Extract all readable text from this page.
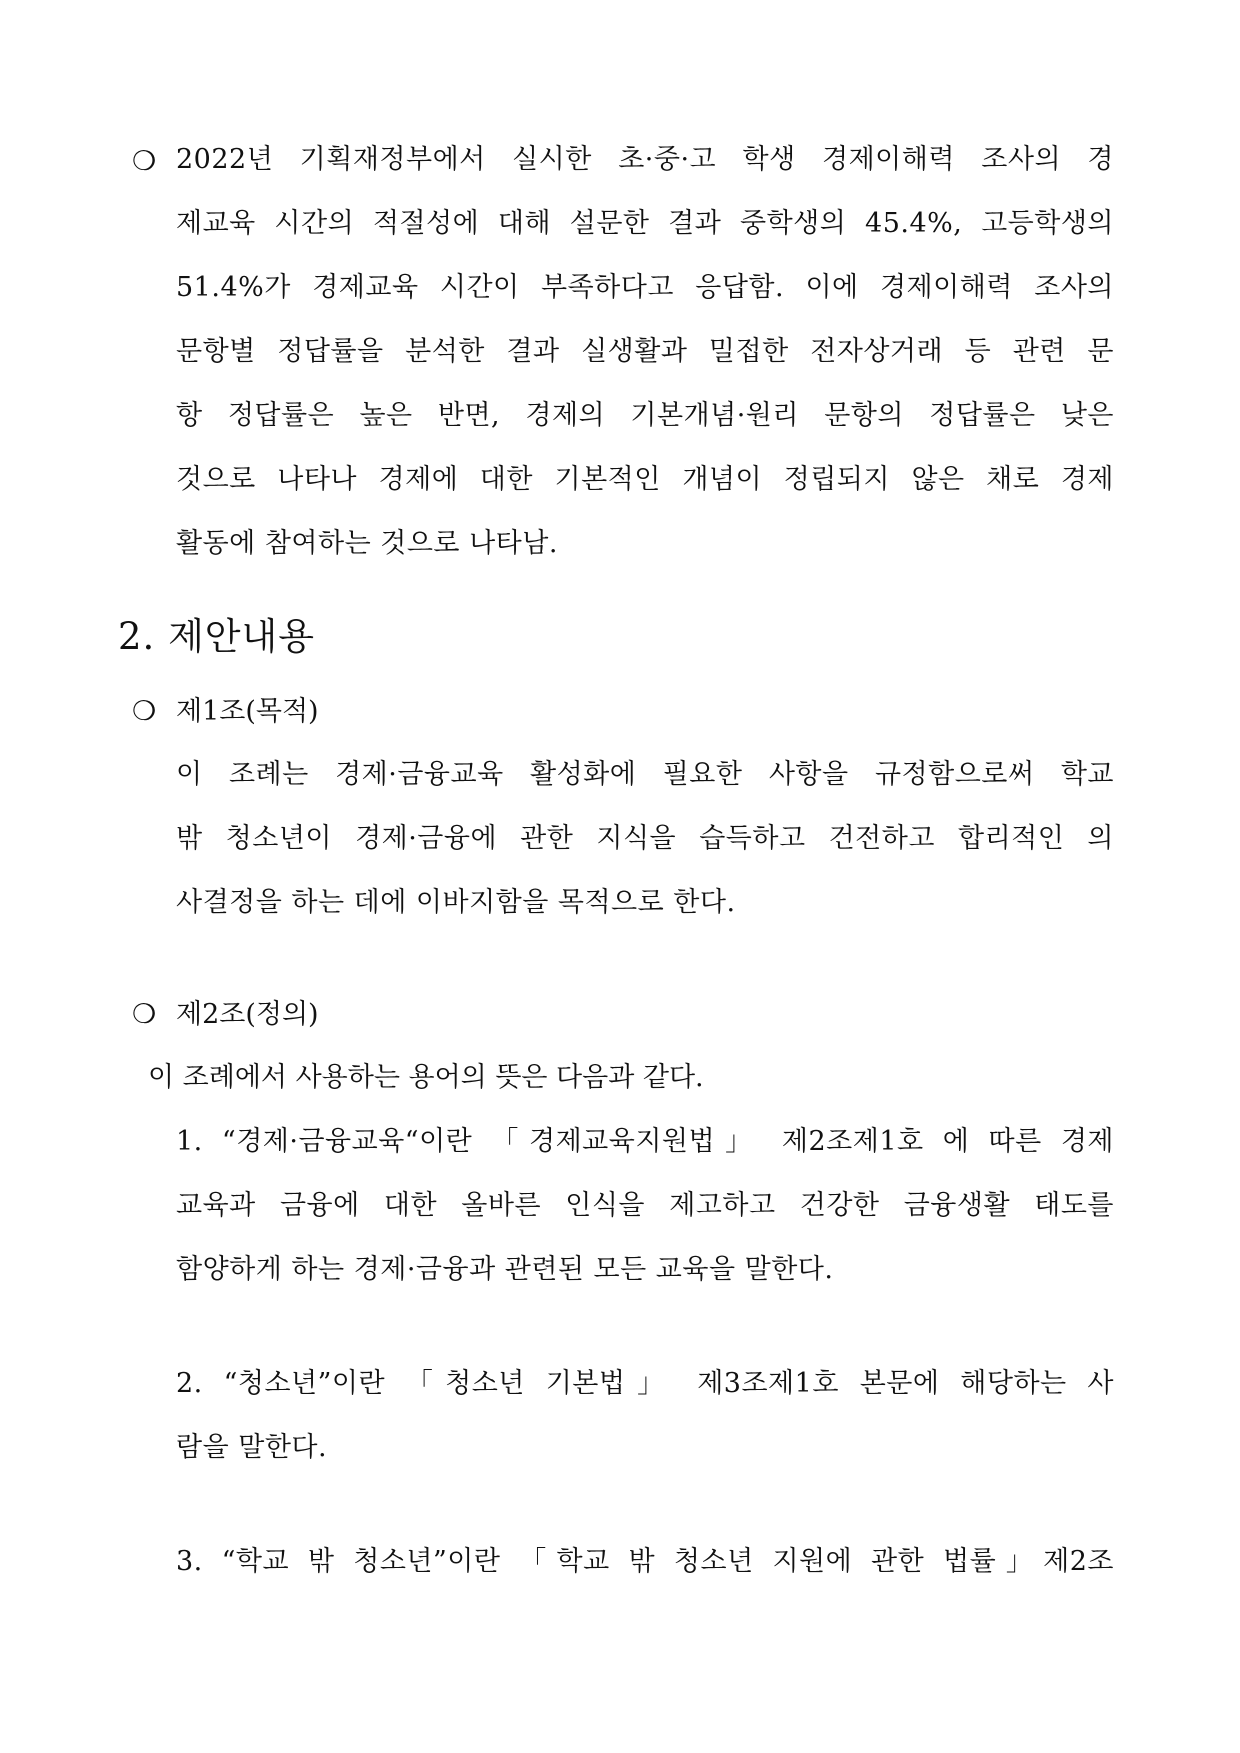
❍ 2022년 기획재정부에서 실시한 초·중·고 학생 경제이해력 조사의 경
제교육 시간의 적절성에 대해 설문한 결과 중학생의 45.4%, 고등학생의
51.4%가 경제교육 시간이 부족하다고 응답함. 이에 경제이해력 조사의
문항별 정답률을 분석한 결과 실생활과 밀접한 전자상거래 등 관련 문
항 정답률은 높은 반면, 경제의 기본개념·원리 문항의 정답률은 낮은
것으로 나타나 경제에 대한 기본적인 개념이 정립되지 않은 채로 경제
활동에 참여하는 것으로 나타남.
2. 제안내용
❍ 제1조(목적)
이 조례는 경제·금융교육 활성화에 필요한 사항을 규정함으로써 학교
밖 청소년이 경제·금융에 관한 지식을 습득하고 건전하고 합리적인 의
사결정을 하는 데에 이바지함을 목적으로 한다.
❍ 제2조(정의)
이 조례에서 사용하는 용어의 뜻은 다음과 같다.
1. “경제·금융교육“이란 「경제교육지원법」 제2조제1호 에 따른 경제
교육과 금융에 대한 올바른 인식을 제고하고 건강한 금융생활 태도를
함양하게 하는 경제·금융과 관련된 모든 교육을 말한다.
2. “청소년”이란 「청소년 기본법」 제3조제1호 본문에 해당하는 사
람을 말한다.
3. “학교 밖 청소년”이란 「학교 밖 청소년 지원에 관한 법률」제2조
